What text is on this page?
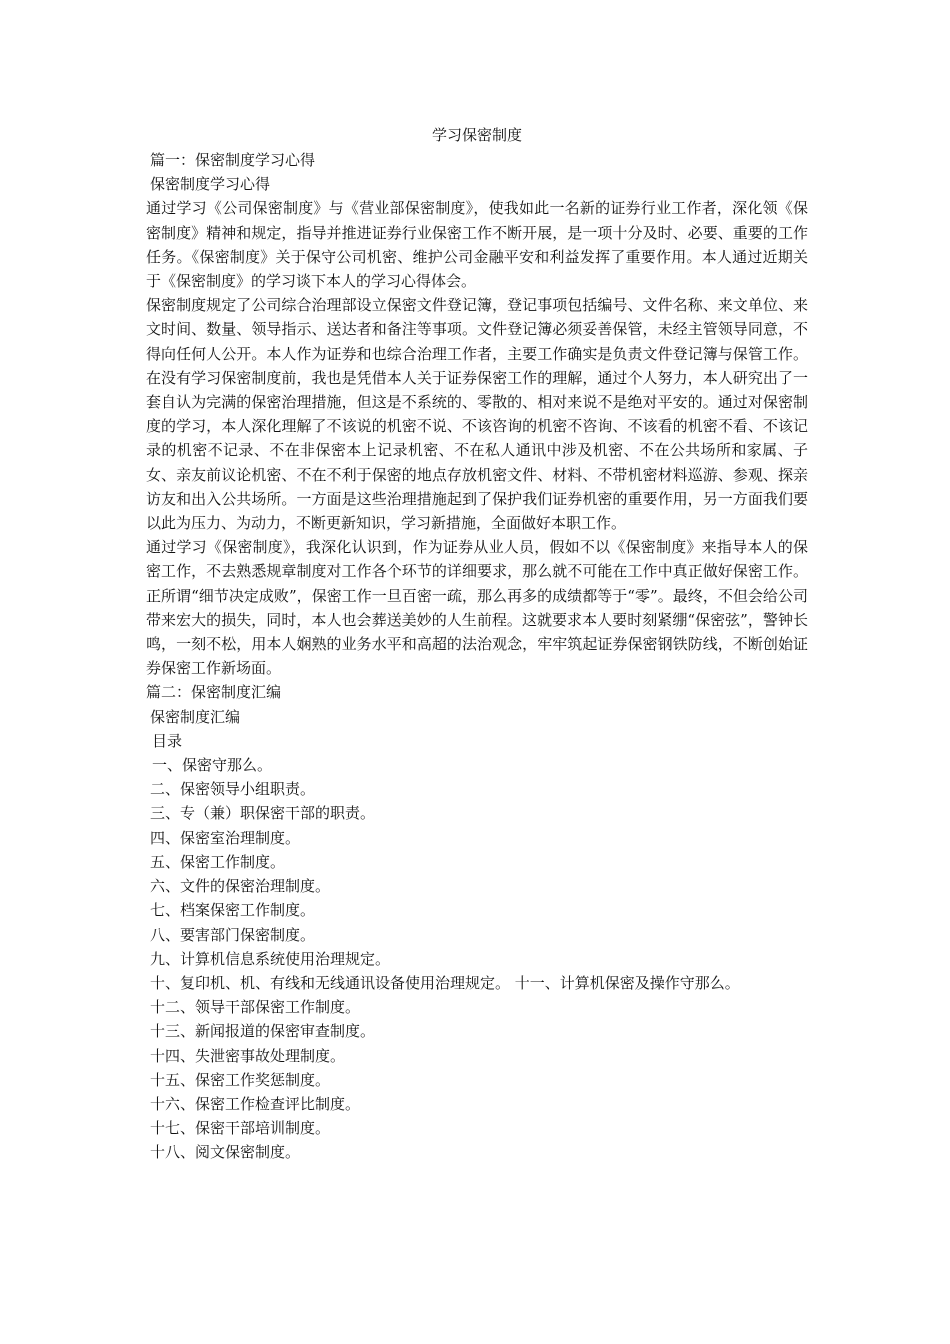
学习保密制度

篇一：保密制度学习心得

保密制度学习心得

通过学习《公司保密制度》与《营业部保密制度》，使我如此一名新的证券行业工作者，深化领《保密制度》精神和规定，指导并推进证券行业保密工作不断开展，是一项十分及时、必要、重要的工作任务。《保密制度》关于保守公司机密、维护公司金融平安和利益发挥了重要作用。本人通过近期关于《保密制度》的学习谈下本人的学习心得体会。

保密制度规定了公司综合治理部设立保密文件登记簿，登记事项包括编号、文件名称、来文单位、来文时间、数量、领导指示、送达者和备注等事项。文件登记簿必须妥善保管，未经主管领导同意，不得向任何人公开。本人作为证券和也综合治理工作者，主要工作确实是负责文件登记簿与保管工作。在没有学习保密制度前，我也是凭借本人关于证券保密工作的理解，通过个人努力，本人研究出了一套自认为完满的保密治理措施，但这是不系统的、零散的、相对来说不是绝对平安的。通过对保密制度的学习，本人深化理解了不该说的机密不说、不该咨询的机密不咨询、不该看的机密不看、不该记录的机密不记录、不在非保密本上记录机密、不在私人通讯中涉及机密、不在公共场所和家属、子女、亲友前议论机密、不在不利于保密的地点存放机密文件、材料、不带机密材料巡游、参观、探亲访友和出入公共场所。一方面是这些治理措施起到了保护我们证券机密的重要作用，另一方面我们要以此为压力、为动力，不断更新知识，学习新措施，全面做好本职工作。

通过学习《保密制度》，我深化认识到，作为证券从业人员，假如不以《保密制度》来指导本人的保密工作，不去熟悉规章制度对工作各个环节的详细要求，那么就不可能在工作中真正做好保密工作。正所谓“细节决定成败”，保密工作一旦百密一疏，那么再多的成绩都等于“零”。最终，不但会给公司带来宏大的损失，同时，本人也会葬送美妙的人生前程。这就要求本人要时刻紧绷“保密弦”，警钟长鸣，一刻不松，用本人娴熟的业务水平和高超的法治观念，牢牢筑起证券保密钢铁防线，不断创始证券保密工作新场面。

篇二：保密制度汇编

保密制度汇编

目录

一、保密守那么。

二、保密领导小组职责。

三、专（兼）职保密干部的职责。

四、保密室治理制度。

五、保密工作制度。

六、文件的保密治理制度。

七、档案保密工作制度。

八、要害部门保密制度。

九、计算机信息系统使用治理规定。

十、复印机、机、有线和无线通讯设备使用治理规定。 十一、计算机保密及操作守那么。

十二、领导干部保密工作制度。

十三、新闻报道的保密审查制度。

十四、失泄密事故处理制度。

十五、保密工作奖惩制度。

十六、保密工作检查评比制度。

十七、保密干部培训制度。

十八、阅文保密制度。
